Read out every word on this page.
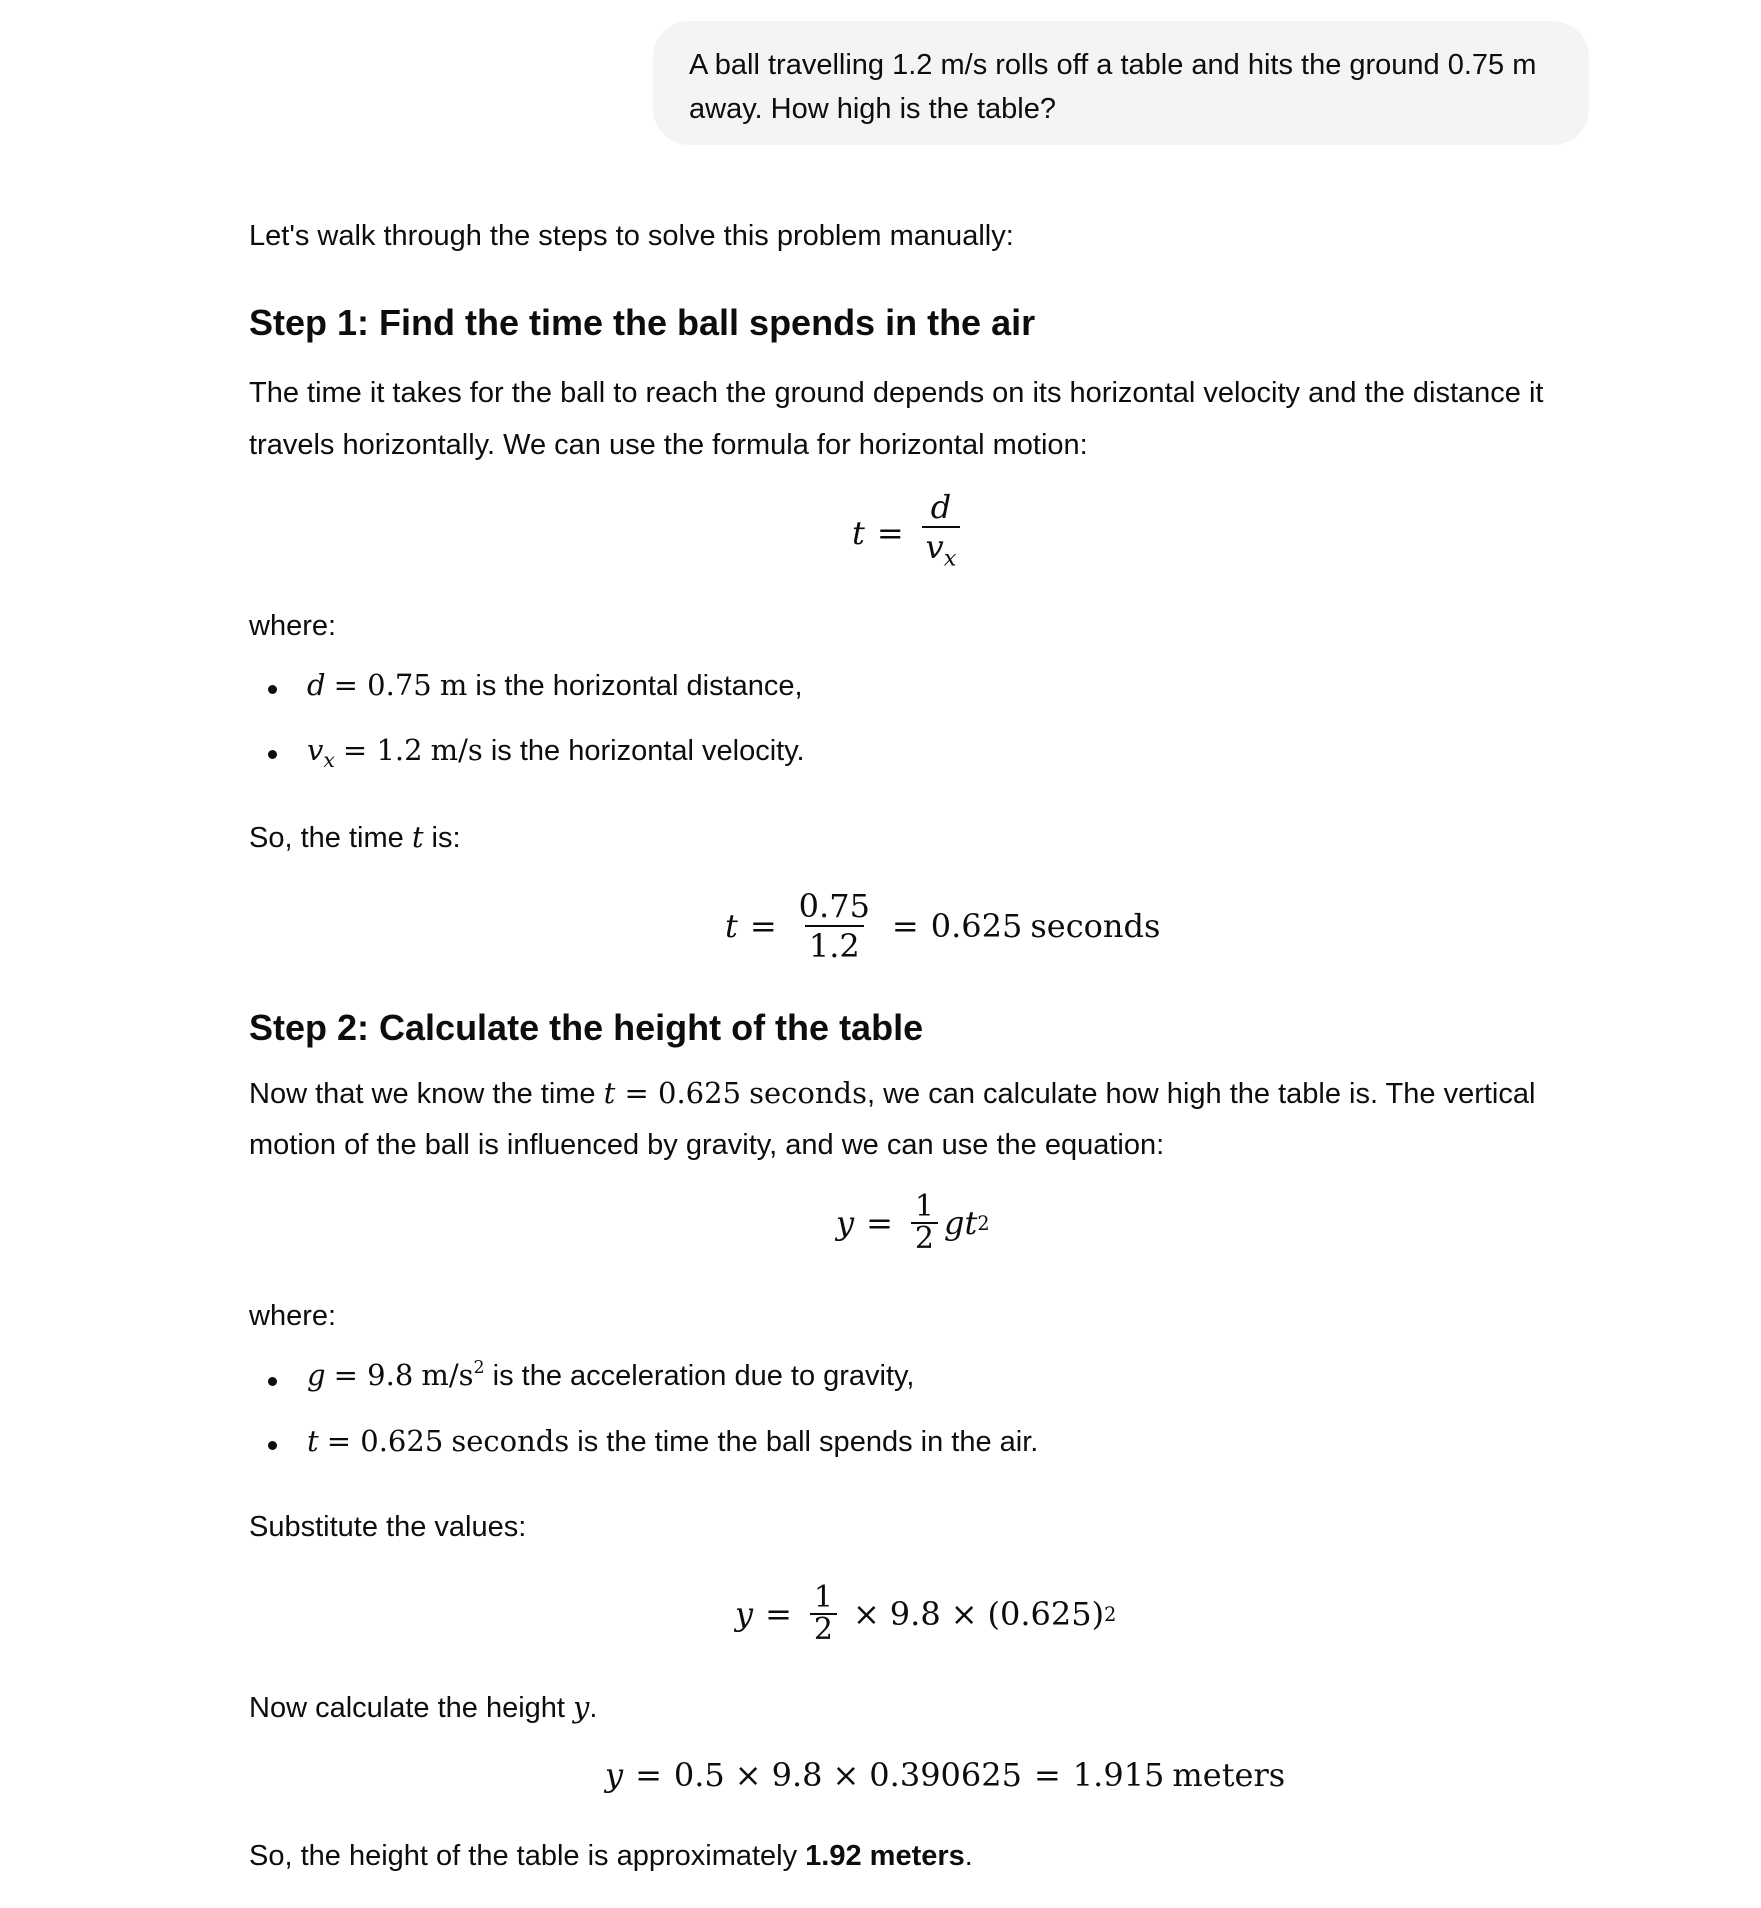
A ball travelling 1.2 m/s rolls off a table and hits the ground 0.75 m away. How high is the table?
Let's walk through the steps to solve this problem manually:
Step 1: Find the time the ball spends in the air
The time it takes for the ball to reach the ground depends on its horizontal velocity and the distance it travels horizontally. We can use the formula for horizontal motion:
$t = \frac{d}{v_x}$
where:
d = 0.75 m is the horizontal distance,
$v_x = 1.2$ m/s is the horizontal velocity.
So, the time t is:
$t = \frac{0.75}{1.2} = 0.625$ seconds
Step 2: Calculate the height of the table
Now that we know the time t = 0.625 seconds, we can calculate how high the table is. The vertical
motion of the ball is influenced by gravity, and we can use the equation:
$y = \frac{1}{2}$ g t 2
where:
g = 9.8 $m/s^2$ is the acceleration due to gravity,
t = 0.625 seconds is the time the ball spends in the air.
Substitute the values:
$y = \frac{1}{2} \times 9.8 \times (0.625)$ 2
Now calculate the height y.
y = 0.5 × 9.8 × 0.390625 = 1.915 meters
So, the height of the table is approximately 1.92 meters.
